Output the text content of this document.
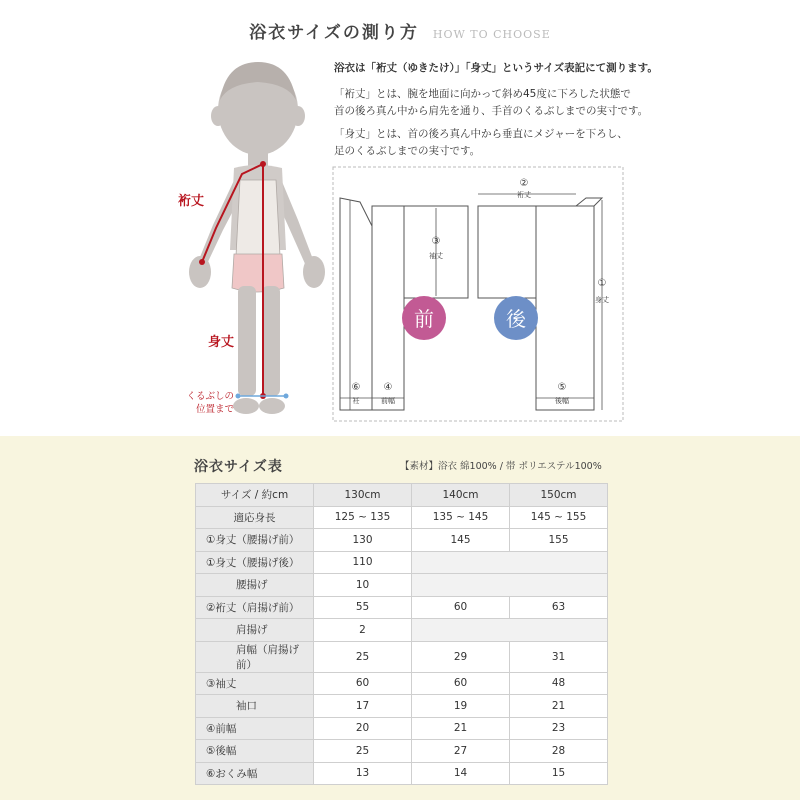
浴衣サイズの測り方 HOW TO CHOOSE
裄丈
身丈
くるぶしの
位置まで

浴衣は「裄丈（ゆきたけ）」「身丈」というサイズ表記にて測ります。

「裄丈」とは、腕を地面に向かって斜め45度に下ろした状態で
首の後ろ真ん中から肩先を通り、手首のくるぶしまでの実寸です。

「身丈」とは、首の後ろ真ん中から垂直にメジャーを下ろし、
足のくるぶしまでの実寸です。

前	後
②
裄丈
③
袖丈
①
身丈
⑥
衽
④
前幅
⑤
後幅
浴衣サイズ表	【素材】浴衣 綿100% / 帯 ポリエステル100%
サイズ / 約cm	130cm	140cm	150cm
適応身長	125 ~ 135	135 ~ 145	145 ~ 155
①身丈（腰揚げ前）	130	145	155
①身丈（腰揚げ後）	110		
腰揚げ	10		
②裄丈（肩揚げ前）	55	60	63
肩揚げ	2		
肩幅（肩揚げ前）	25	29	31
③袖丈	60	60	48
袖口	17	19	21
④前幅	20	21	23
⑤後幅	25	27	28
⑥おくみ幅	13	14	15
